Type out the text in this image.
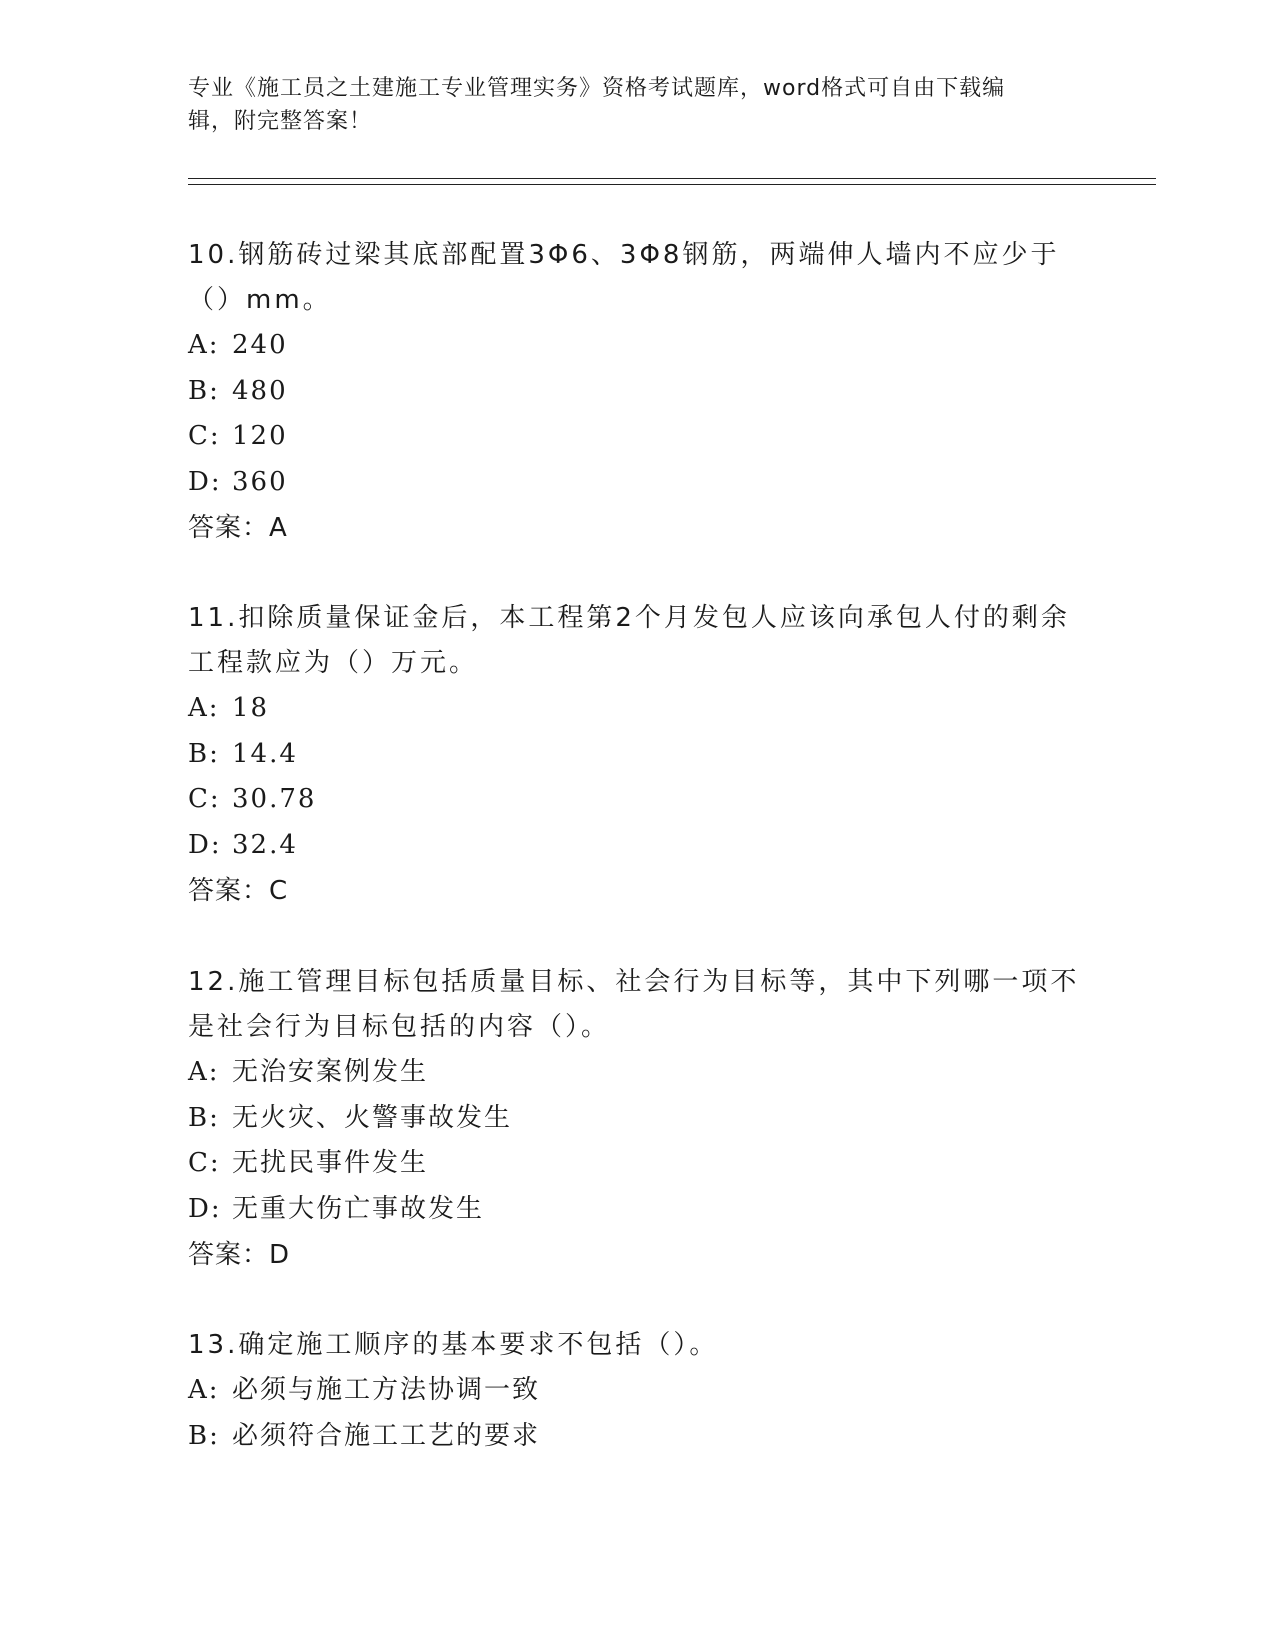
专业《施工员之土建施工专业管理实务》资格考试题库，word格式可自由下载编
辑，附完整答案！

10.钢筋砖过梁其底部配置3Φ6、3Φ8钢筋，两端伸人墙内不应少于

（）mm。

A: 240

B: 480

C: 120

D: 360

答案：A

11.扣除质量保证金后，本工程第2个月发包人应该向承包人付的剩余

工程款应为（）万元。

A: 18

B: 14.4

C: 30.78

D: 32.4

答案：C

12.施工管理目标包括质量目标、社会行为目标等，其中下列哪一项不

是社会行为目标包括的内容（）。

A: 无治安案例发生

B: 无火灾、火警事故发生

C: 无扰民事件发生

D: 无重大伤亡事故发生

答案：D

13.确定施工顺序的基本要求不包括（）。

A: 必须与施工方法协调一致

B: 必须符合施工工艺的要求
